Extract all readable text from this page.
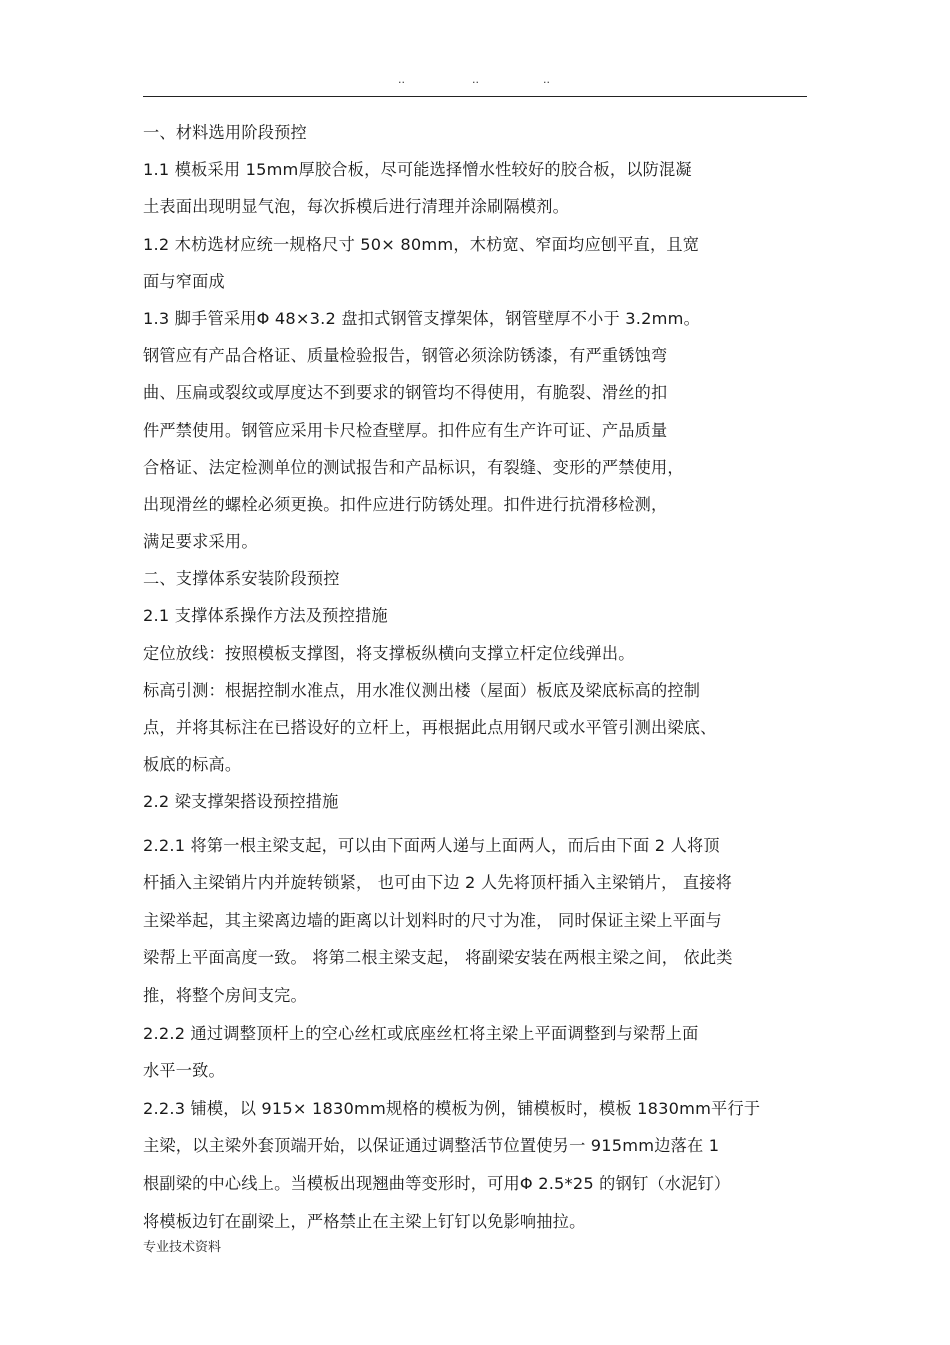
..	..	..
一、材料选用阶段预控
1.1 模板采用 15mm厚胶合板，尽可能选择憎水性较好的胶合板，以防混凝
土表面出现明显气泡，每次拆模后进行清理并涂刷隔模剂。
1.2 木枋选材应统一规格尺寸 50× 80mm，木枋宽、窄面均应刨平直，且宽
面与窄面成
1.3 脚手管采用Φ 48×3.2 盘扣式钢管支撑架体，钢管壁厚不小于 3.2mm。
钢管应有产品合格证、质量检验报告，钢管必须涂防锈漆，有严重锈蚀弯
曲、压扁或裂纹或厚度达不到要求的钢管均不得使用，有脆裂、滑丝的扣
件严禁使用。钢管应采用卡尺检查壁厚。扣件应有生产许可证、产品质量
合格证、法定检测单位的测试报告和产品标识，有裂缝、变形的严禁使用，
出现滑丝的螺栓必须更换。扣件应进行防锈处理。扣件进行抗滑移检测，
满足要求采用。
二、支撑体系安装阶段预控
2.1 支撑体系操作方法及预控措施
定位放线：按照模板支撑图，将支撑板纵横向支撑立杆定位线弹出。
标高引测：根据控制水准点，用水准仪测出楼（屋面）板底及梁底标高的控制
点，并将其标注在已搭设好的立杆上，再根据此点用钢尺或水平管引测出梁底、
板底的标高。
2.2 梁支撑架搭设预控措施
2.2.1 将第一根主梁支起，可以由下面两人递与上面两人，而后由下面 2 人将顶
杆插入主梁销片内并旋转锁紧， 也可由下边 2 人先将顶杆插入主梁销片， 直接将
主梁举起，其主梁离边墙的距离以计划料时的尺寸为准， 同时保证主梁上平面与
梁帮上平面高度一致。 将第二根主梁支起， 将副梁安装在两根主梁之间， 依此类
推，将整个房间支完。
2.2.2 通过调整顶杆上的空心丝杠或底座丝杠将主梁上平面调整到与梁帮上面
水平一致。
2.2.3 铺模，以 915× 1830mm规格的模板为例，铺模板时，模板 1830mm平行于
主梁，以主梁外套顶端开始，以保证通过调整活节位置使另一 915mm边落在 1
根副梁的中心线上。当模板出现翘曲等变形时，可用Φ 2.5*25 的钢钉（水泥钉）
将模板边钉在副梁上，严格禁止在主梁上钉钉以免影响抽拉。
专业技术资料
